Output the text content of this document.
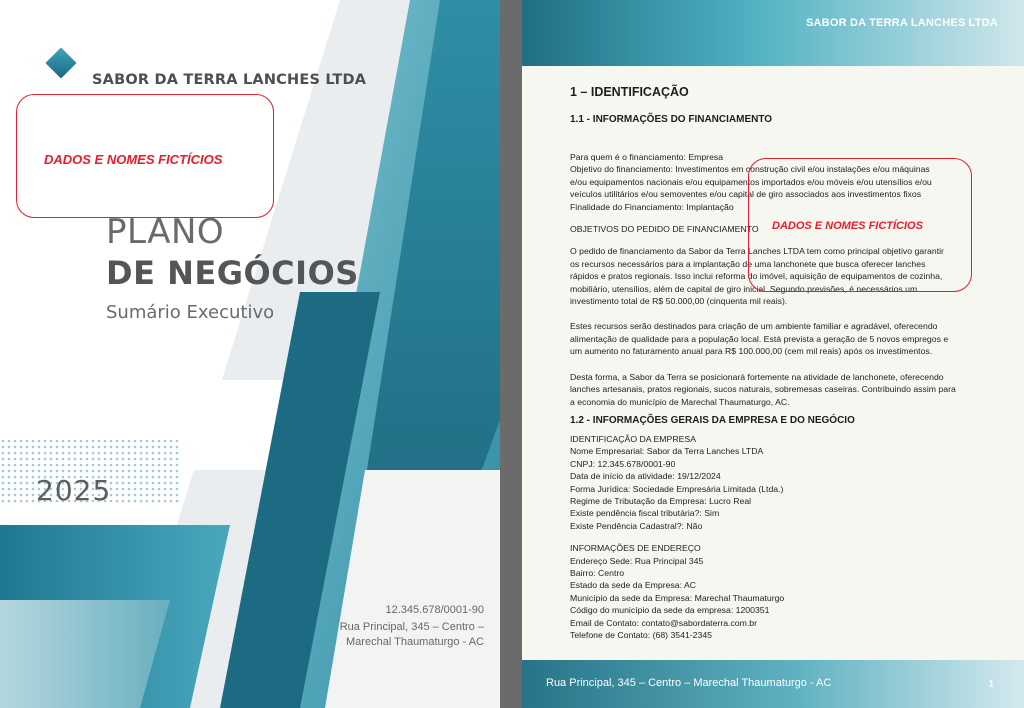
SABOR DA TERRA LANCHES LTDA
DADOS E NOMES FICTÍCIOS
PLANO
DE NEGÓCIOS
Sumário Executivo
2025
12.345.678/0001-90
Rua Principal, 345 – Centro –
Marechal Thaumaturgo - AC
SABOR DA TERRA LANCHES LTDA
1 – IDENTIFICAÇÃO
1.1 - INFORMAÇÕES DO FINANCIAMENTO
Para quem é o financiamento: Empresa
Objetivo do financiamento: Investimentos em construção civil e/ou instalações e/ou máquinas
e/ou equipamentos nacionais e/ou equipamentos importados e/ou móveis e/ou utensílios e/ou
veículos utilitários e/ou semoventes e/ou capital de giro associados aos investimentos fixos
Finalidade do Financiamento: Implantação
OBJETIVOS DO PEDIDO DE FINANCIAMENTO
O pedido de financiamento da Sabor da Terra Lanches LTDA tem como principal objetivo garantir
os recursos necessários para a implantação de uma lanchonete que busca oferecer lanches
rápidos e pratos regionais. Isso inclui reforma do imóvel, aquisição de equipamentos de cozinha,
mobiliário, utensílios, além de capital de giro inicial. Segundo previsões, é necessários um
investimento total de R$ 50.000,00 (cinquenta mil reais).
Estes recursos serão destinados para criação de um ambiente familiar e agradável, oferecendo
alimentação de qualidade para a população local. Está prevista a geração de 5 novos empregos e
um aumento no faturamento anual para R$ 100.000,00 (cem mil reais) após os investimentos.
Desta forma, a Sabor da Terra se posicionará fortemente na atividade de lanchonete, oferecendo
lanches artesanais, pratos regionais, sucos naturais, sobremesas caseiras. Contribuindo assim para
a economia do município de Marechal Thaumaturgo, AC.
1.2 - INFORMAÇÕES GERAIS DA EMPRESA E DO NEGÓCIO
IDENTIFICAÇÃO DA EMPRESA
Nome Empresarial: Sabor da Terra Lanches LTDA
CNPJ: 12.345.678/0001-90
Data de início da atividade: 19/12/2024
Forma Jurídica: Sociedade Empresária Limitada (Ltda.)
Regime de Tributação da Empresa: Lucro Real
Existe pendência fiscal tributária?: Sim
Existe Pendência Cadastral?: Não
INFORMAÇÕES DE ENDEREÇO
Endereço Sede: Rua Principal 345
Bairro: Centro
Estado da sede da Empresa: AC
Município da sede da Empresa: Marechal Thaumaturgo
Código do município da sede da empresa: 1200351
Email de Contato: contato@sabordaterra.com.br
Telefone de Contato: (68) 3541-2345
DADOS E NOMES FICTÍCIOS
Rua Principal, 345 – Centro – Marechal Thaumaturgo - AC	1
